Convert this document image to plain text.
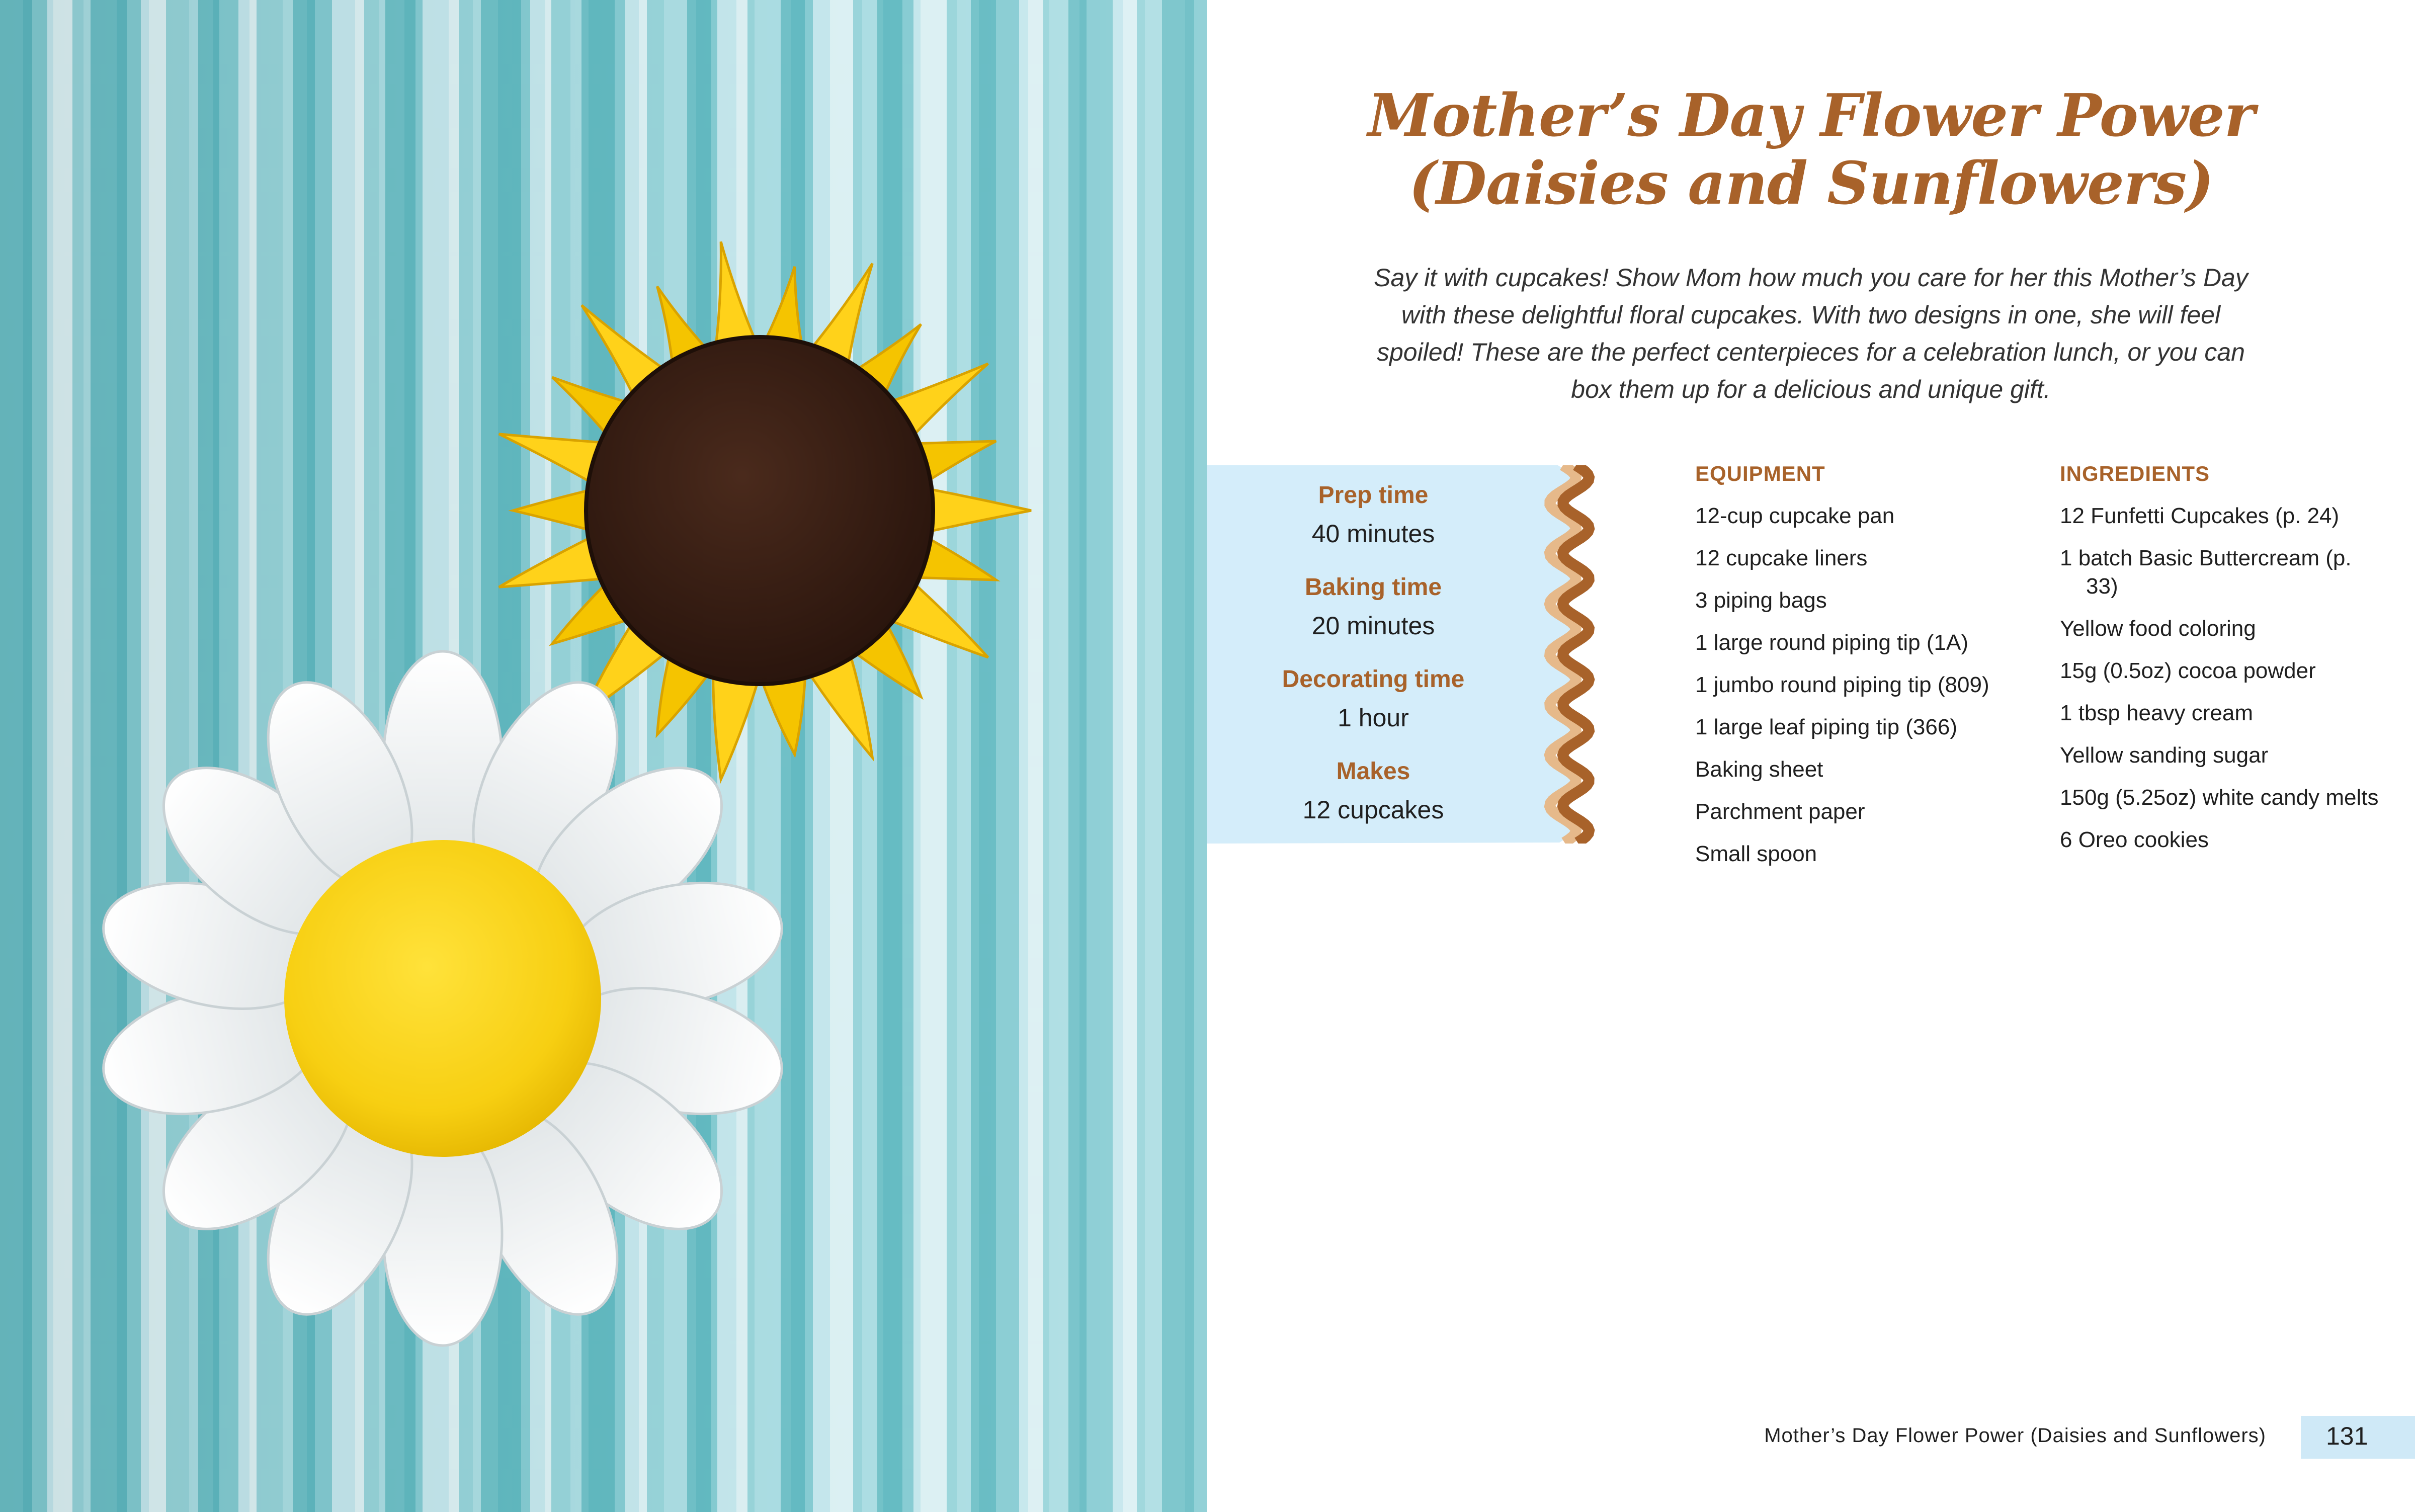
Mother’s Day Flower Power
(Daisies and Sunflowers)
Say it with cupcakes! Show Mom how much you care for her this Mother’s Day with these delightful floral cupcakes. With two designs in one, she will feel spoiled! These are the perfect centerpieces for a celebration lunch, or you can box them up for a delicious and unique gift.
Prep time
40 minutes
Baking time
20 minutes
Decorating time
1 hour
Makes
12 cupcakes
EQUIPMENT
12-cup cupcake pan
12 cupcake liners
3 piping bags
1 large round piping tip (1A)
1 jumbo round piping tip (809)
1 large leaf piping tip (366)
Baking sheet
Parchment paper
Small spoon
INGREDIENTS
12 Funfetti Cupcakes (p. 24)
1 batch Basic Buttercream (p. 33)
Yellow food coloring
15g (0.5oz) cocoa powder
1 tbsp heavy cream
Yellow sanding sugar
150g (5.25oz) white candy melts
6 Oreo cookies
Mother’s Day Flower Power (Daisies and Sunflowers) 131
